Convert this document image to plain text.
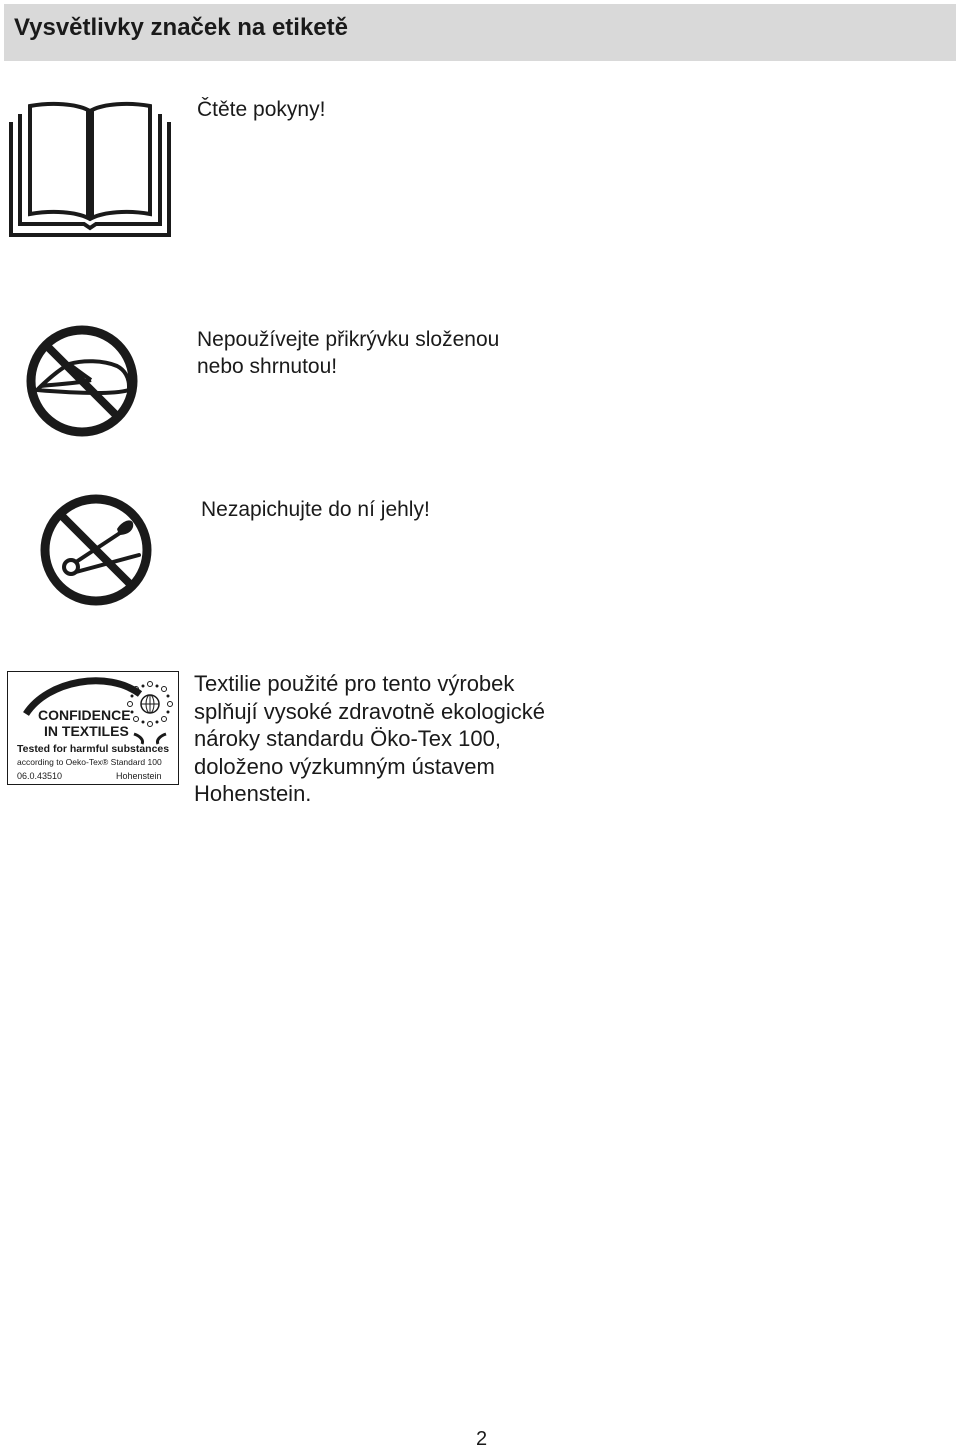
Vysvětlivky značek na etiketě

Čtěte pokyny!

Nepoužívejte přikrývku složenou
nebo shrnutou!

Nezapichujte do ní jehly!

CONFIDENCE
IN TEXTILES
Tested for harmful substances
according to Oeko-Tex® Standard 100
06.0.43510	Hohenstein

Textilie použité pro tento výrobek
splňují vysoké zdravotně ekologické
nároky standardu Öko-Tex 100,
doloženo výzkumným ústavem
Hohenstein.

2
